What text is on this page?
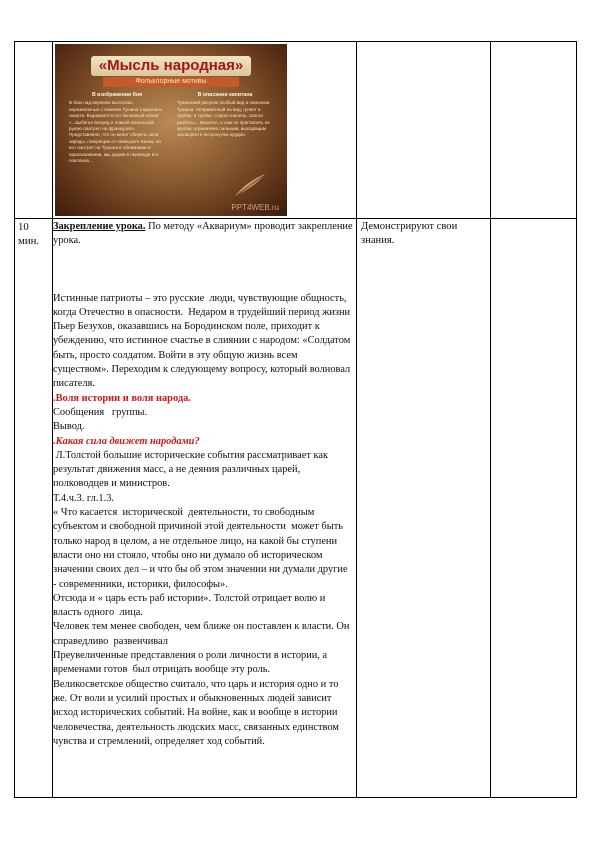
«Мысль народная»
Фольклорные мотивы
В изображении боя
В бою над верхнею высоткою, неразвеянные стяжения Тушина к врагам и смерти. Выражается его былинный облик: «...выбегал вперед и ловкой маленькой рукою смотрел на французов». Представлено, что он велит сберечь свои заряды, говорящие от немецкого языка, но его смотрят на Тушина в обнимании и приласкивании, мы дадим в переводе его поклонов...
В описании капитана
Тушинский рисунок особый вид в описании Тушина. Неприметный на вид, гуляет в трубке, в трубке, старая шинель, сапоги разбиты... Веротно, и сам он пригласить ее кругом, ограничено сильным, выходящим заговорил о нетронутом орудии.
PPT4WEB.ru
10 мин.

Закрепление урока. По методу «Аквариум» проводит закрепление урока.

Истинные патриоты – это русские  люди, чувствующие общность, когда Отечество в опасности.  Недаром в трудейший период жизни Пьер Безухов, оказавшись на Бородинском поле, приходит к убеждению, что истинное счастье в слиянии с народом: «Солдатом быть, просто солдатом. Войти в эту общую жизнь всем существом». Переходим к следующему вопросу, который волновал писателя.

.Воля истории и воля народа.

Сообщения   группы.

Вывод.

.Какая сила движет народами?

Л.Толстой большие исторические события рассматривает как результат движения масс, а не деяния различных царей, полководцев и министров.

Т.4.ч.3. гл.1.3.

« Что касается  исторической  деятельности, то свободным субъектом и свободной причиной этой деятельности  может быть только народ в целом, а не отдельное лицо, на какой бы ступени власти оно ни стояло, чтобы оно ни думало об историческом значении своих дел – и что бы об этом значении ни думали другие - современники, историки, философы».

Отсюда и « царь есть раб истории». Толстой отрицает волю и власть одного  лица.

Человек тем менее свободен, чем ближе он поставлен к власти. Он справедливо  развенчивал

Преувеличенные представления о роли личности в истории, а временами готов  был отрицать вообще эту роль.

Великосветское общество считало, что царь и история одно и то же. От воли и усилий простых и обыкновенных людей зависит исход исторических событий. На войне, как и вообще в истории человечества, деятельность людских масс, связанных единством чувства и стремлений, определяет ход событий.

Демонстрируют свои знания.
